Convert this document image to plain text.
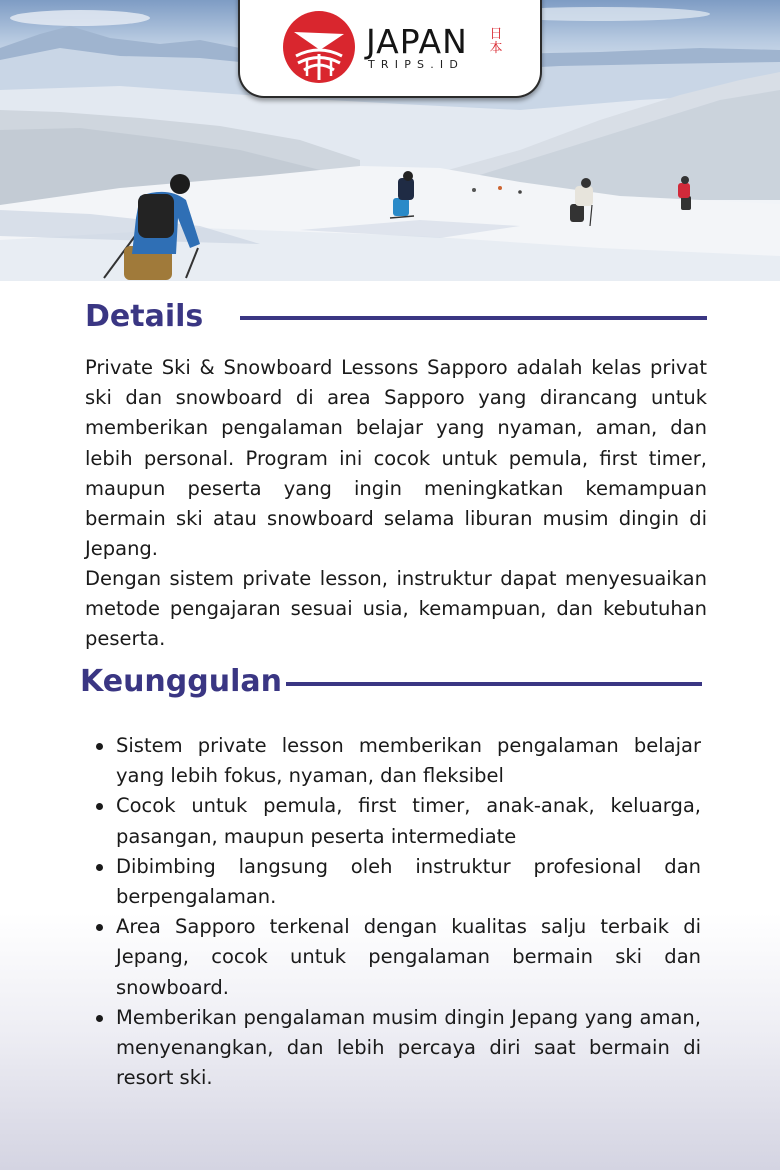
JAPAN
TRIPS.ID
日
本
Details
Private Ski & Snowboard Lessons Sapporo adalah kelas privat ski dan snowboard di area Sapporo yang dirancang untuk memberikan pengalaman belajar yang nyaman, aman, dan lebih personal. Program ini cocok untuk pemula, first timer, maupun peserta yang ingin meningkatkan kemampuan bermain ski atau snowboard selama liburan musim dingin di Jepang.
Dengan sistem private lesson, instruktur dapat menyesuaikan metode pengajaran sesuai usia, kemampuan, dan kebutuhan peserta.
Keunggulan
Sistem private lesson memberikan pengalaman belajar yang lebih fokus, nyaman, dan fleksibel
Cocok untuk pemula, first timer, anak-anak, keluarga, pasangan, maupun peserta intermediate
Dibimbing langsung oleh instruktur profesional dan berpengalaman.
Area Sapporo terkenal dengan kualitas salju terbaik di Jepang, cocok untuk pengalaman bermain ski dan snowboard.
Memberikan pengalaman musim dingin Jepang yang aman, menyenangkan, dan lebih percaya diri saat bermain di resort ski.
